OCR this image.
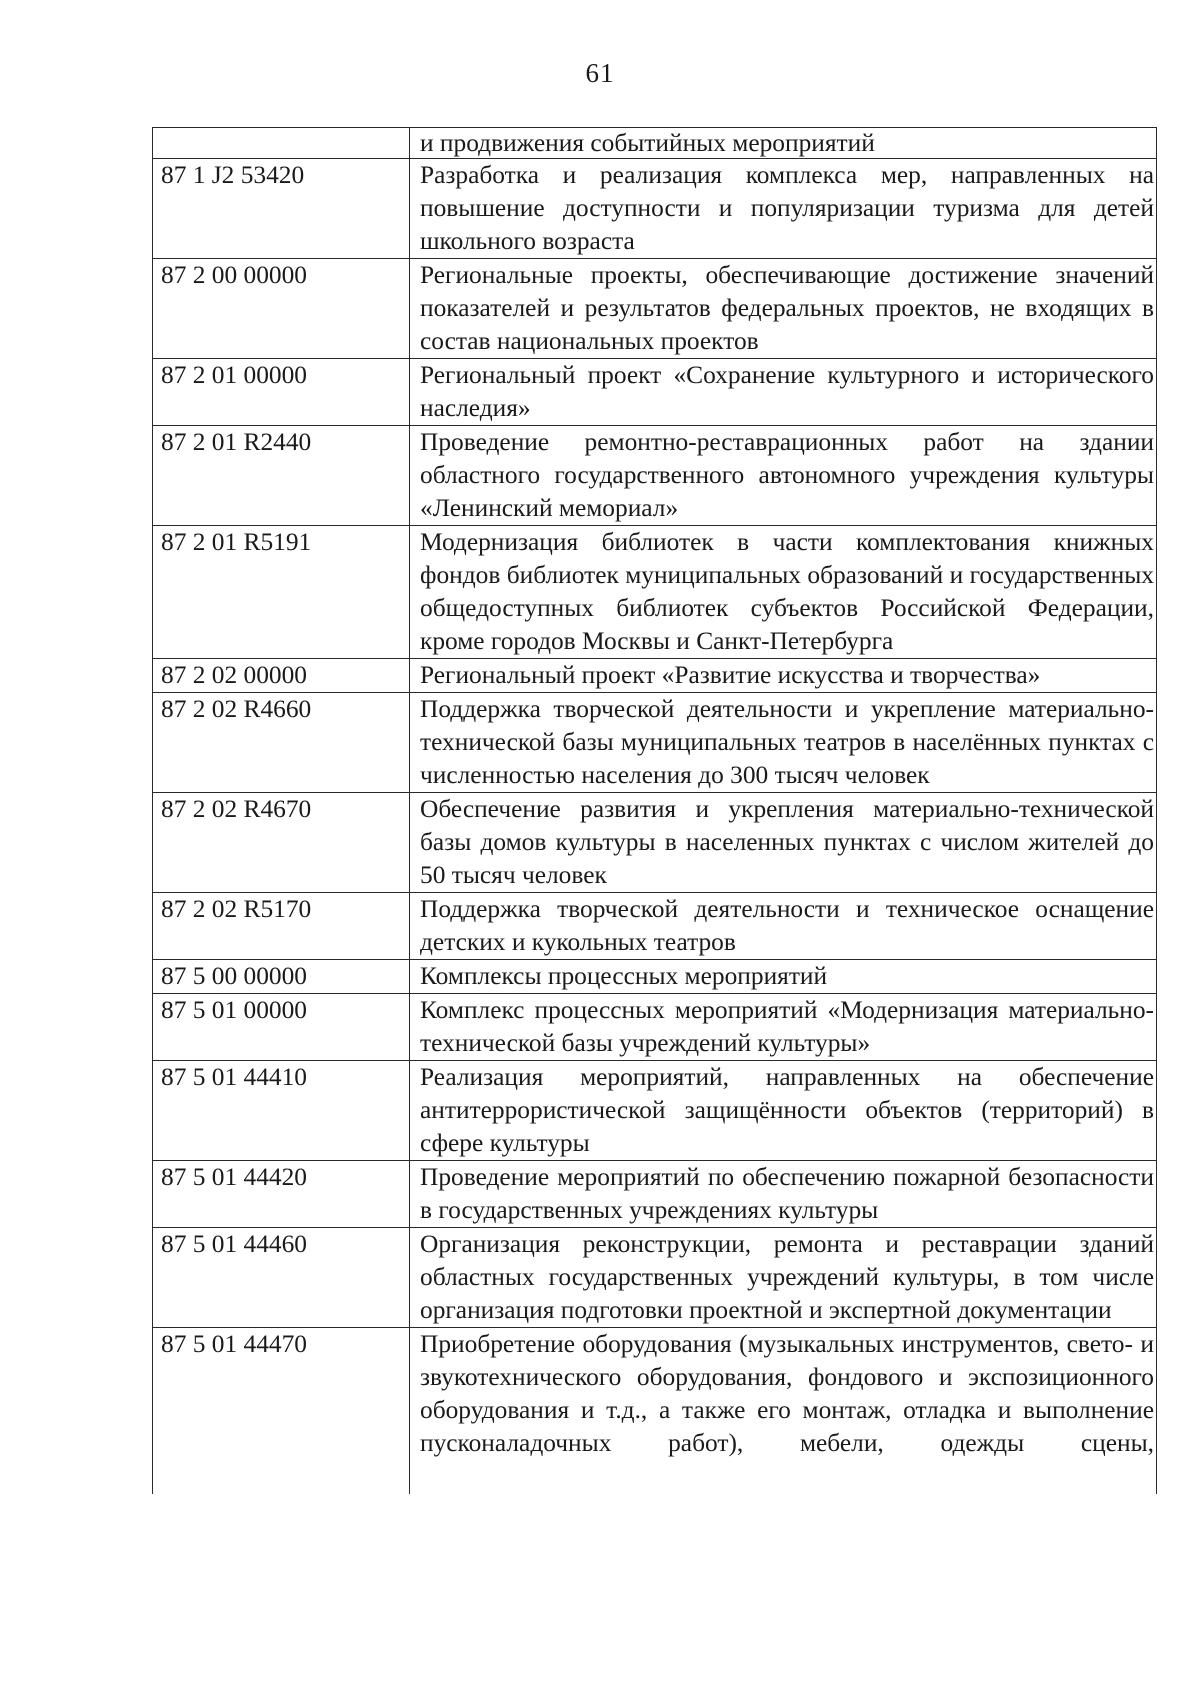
61
	и продвижения событийных мероприятий
87 1 J2 53420	Разработка и реализация комплекса мер, направленных на повышение доступности и популяризации туризма для детей школьного возраста
87 2 00 00000	Региональные проекты, обеспечивающие достижение значений показателей и результатов федеральных проектов, не входящих в состав национальных проектов
87 2 01 00000	Региональный проект «Сохранение культурного и исторического наследия»
87 2 01 R2440	Проведение ремонтно-реставрационных работ на здании областного государственного автономного учреждения культуры «Ленинский мемориал»
87 2 01 R5191	Модернизация библиотек в части комплектования книжных фондов библиотек муниципальных образований и государственных общедоступных библиотек субъектов Российской Федерации, кроме городов Москвы и Санкт-Петербурга
87 2 02 00000	Региональный проект «Развитие искусства и творчества»
87 2 02 R4660	Поддержка творческой деятельности и укрепление материально-технической базы муниципальных театров в населённых пунктах с численностью населения до 300 тысяч человек
87 2 02 R4670	Обеспечение развития и укрепления материально-технической базы домов культуры в населенных пунктах с числом жителей до 50 тысяч человек
87 2 02 R5170	Поддержка творческой деятельности и техническое оснащение детских и кукольных театров
87 5 00 00000	Комплексы процессных мероприятий
87 5 01 00000	Комплекс процессных мероприятий «Модернизация материально-технической базы учреждений культуры»
87 5 01 44410	Реализация мероприятий, направленных на обеспечение антитеррористической защищённости объектов (территорий) в сфере культуры
87 5 01 44420	Проведение мероприятий по обеспечению пожарной безопасности в государственных учреждениях культуры
87 5 01 44460	Организация реконструкции, ремонта и реставрации зданий областных государственных учреждений культуры, в том числе организация подготовки проектной и экспертной документации
87 5 01 44470	Приобретение оборудования (музыкальных инструментов, свето- и звукотехнического оборудования, фондового и экспозиционного оборудования и т.д., а также его монтаж, отладка и выполнение пусконаладочных работ), мебели, одежды сцены,
